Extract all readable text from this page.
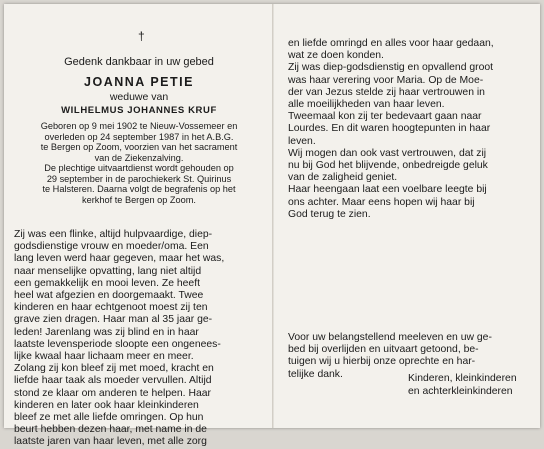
†
Gedenk dankbaar in uw gebed
JOANNA PETIE
weduwe van
WILHELMUS JOHANNES KRUF
Geboren op 9 mei 1902 te Nieuw-Vossemeer en
overleden op 24 september 1987 in het A.B.G.
te Bergen op Zoom, voorzien van het sacrament
van de Ziekenzalving.
De plechtige uitvaartdienst wordt gehouden op
29 september in de parochiekerk St. Quirinus
te Halsteren. Daarna volgt de begrafenis op het
kerkhof te Bergen op Zoom.
Zij was een flinke, altijd hulpvaardige, diep-
godsdienstige vrouw en moeder/oma. Een
lang leven werd haar gegeven, maar het was,
naar menselijke opvatting, lang niet altijd
een gemakkelijk en mooi leven. Ze heeft
heel wat afgezien en doorgemaakt. Twee
kinderen en haar echtgenoot moest zij ten
grave zien dragen. Haar man al 35 jaar ge-
leden! Jarenlang was zij blind en in haar
laatste levensperiode sloopte een ongenees-
lijke kwaal haar lichaam meer en meer.
Zolang zij kon bleef zij met moed, kracht en
liefde haar taak als moeder vervullen. Altijd
stond ze klaar om anderen te helpen. Haar
kinderen en later ook haar kleinkinderen
bleef ze met alle liefde omringen. Op hun
beurt hebben dezen haar, met name in de
laatste jaren van haar leven, met alle zorg
en liefde omringd en alles voor haar gedaan,
wat ze doen konden.
Zij was diep-godsdienstig en opvallend groot
was haar verering voor Maria. Op de Moe-
der van Jezus stelde zij haar vertrouwen in
alle moeilijkheden van haar leven.
Tweemaal kon zij ter bedevaart gaan naar
Lourdes. En dit waren hoogtepunten in haar
leven.
Wij mogen dan ook vast vertrouwen, dat zij
nu bij God het blijvende, onbedreigde geluk
van de zaligheid geniet.
Haar heengaan laat een voelbare leegte bij
ons achter. Maar eens hopen wij haar bij
God terug te zien.
Voor uw belangstellend meeleven en uw ge-
bed bij overlijden en uitvaart getoond, be-
tuigen wij u hierbij onze oprechte en har-
telijke dank.	Kinderen, kleinkinderen
en achterkleinkinderen
